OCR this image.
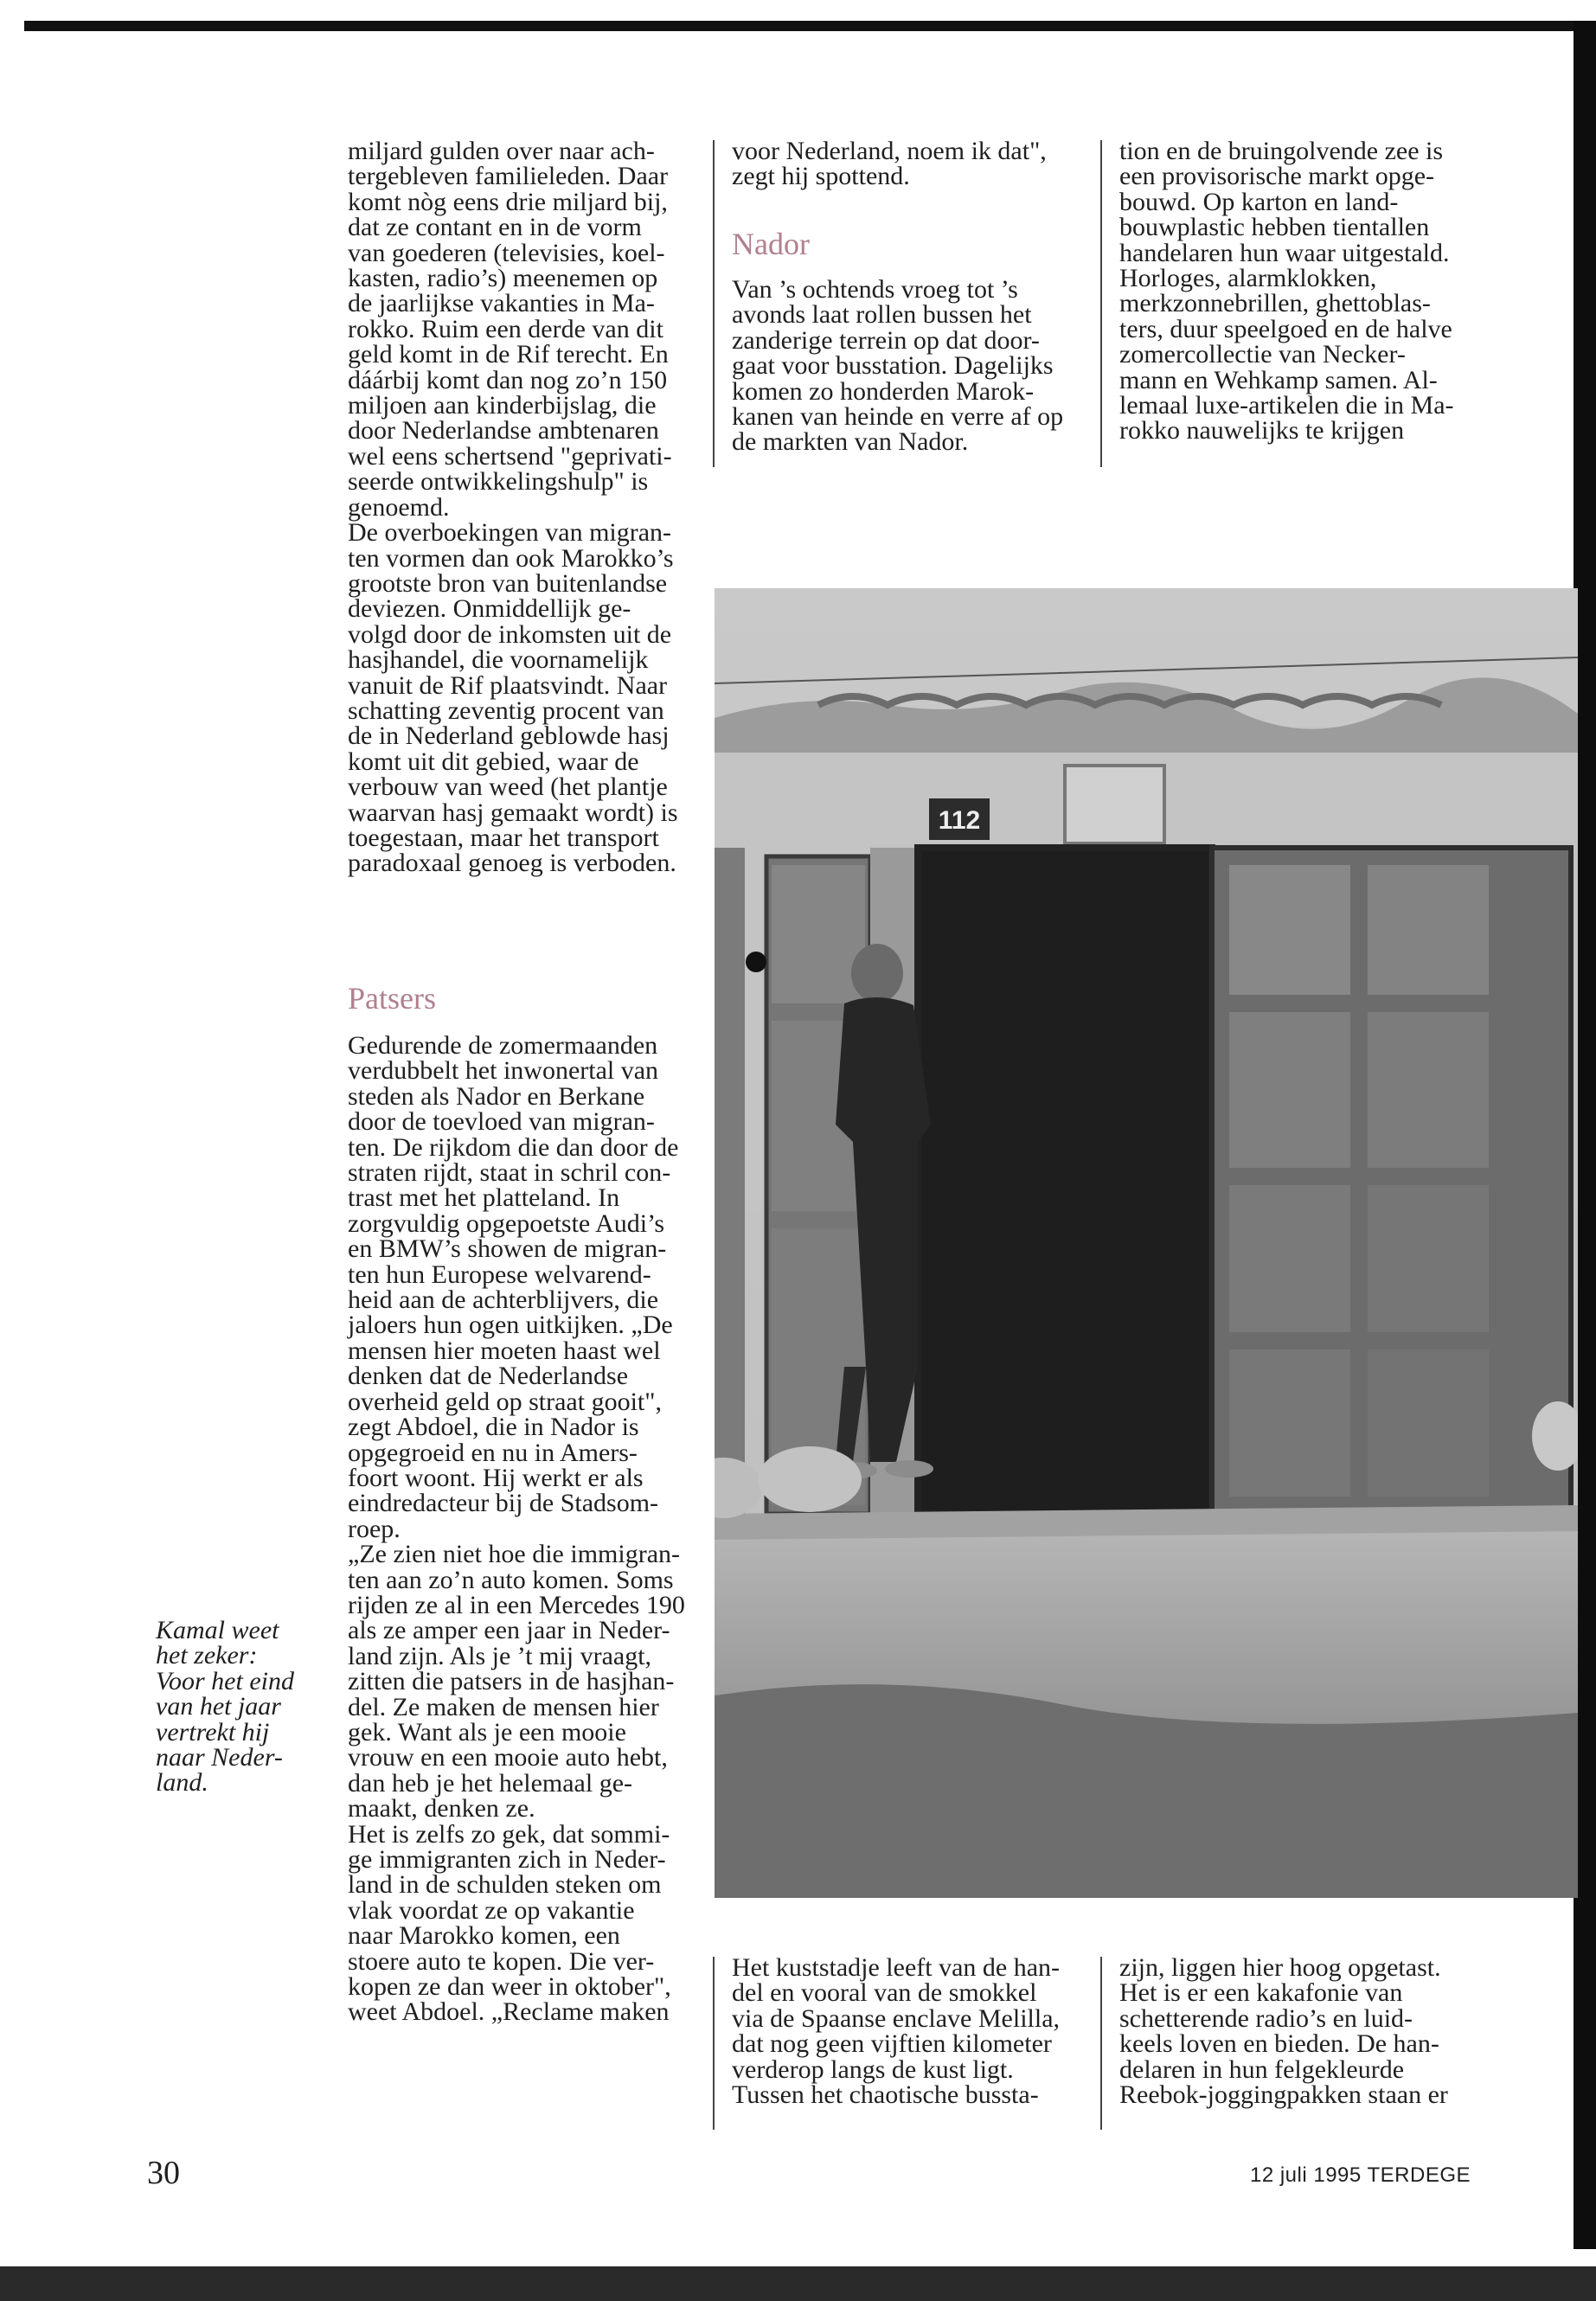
miljard gulden over naar ach-
tergebleven familieleden. Daar
komt nòg eens drie miljard bij,
dat ze contant en in de vorm
van goederen (televisies, koel-
kasten, radio’s) meenemen op
de jaarlijkse vakanties in Ma-
rokko. Ruim een derde van dit
geld komt in de Rif terecht. En
dáárbij komt dan nog zo’n 150
miljoen aan kinderbijslag, die
door Nederlandse ambtenaren
wel eens schertsend "geprivati-
seerde ontwikkelingshulp" is
genoemd.
De overboekingen van migran-
ten vormen dan ook Marokko’s
grootste bron van buitenlandse
deviezen. Onmiddellijk ge-
volgd door de inkomsten uit de
hasjhandel, die voornamelijk
vanuit de Rif plaatsvindt. Naar
schatting zeventig procent van
de in Nederland geblowde hasj
komt uit dit gebied, waar de
verbouw van weed (het plantje
waarvan hasj gemaakt wordt) is
toegestaan, maar het transport
paradoxaal genoeg is verboden.
Patsers
Gedurende de zomermaanden
verdubbelt het inwonertal van
steden als Nador en Berkane
door de toevloed van migran-
ten. De rijkdom die dan door de
straten rijdt, staat in schril con-
trast met het platteland. In
zorgvuldig opgepoetste Audi’s
en BMW’s showen de migran-
ten hun Europese welvarend-
heid aan de achterblijvers, die
jaloers hun ogen uitkijken. „De
mensen hier moeten haast wel
denken dat de Nederlandse
overheid geld op straat gooit",
zegt Abdoel, die in Nador is
opgegroeid en nu in Amers-
foort woont. Hij werkt er als
eindredacteur bij de Stadsom-
roep.
„Ze zien niet hoe die immigran-
ten aan zo’n auto komen. Soms
rijden ze al in een Mercedes 190
als ze amper een jaar in Neder-
land zijn. Als je ’t mij vraagt,
zitten die patsers in de hasjhan-
del. Ze maken de mensen hier
gek. Want als je een mooie
vrouw en een mooie auto hebt,
dan heb je het helemaal ge-
maakt, denken ze.
Het is zelfs zo gek, dat sommi-
ge immigranten zich in Neder-
land in de schulden steken om
vlak voordat ze op vakantie
naar Marokko komen, een
stoere auto te kopen. Die ver-
kopen ze dan weer in oktober",
weet Abdoel. „Reclame maken
voor Nederland, noem ik dat",
zegt hij spottend.
Nador
Van ’s ochtends vroeg tot ’s
avonds laat rollen bussen het
zanderige terrein op dat door-
gaat voor busstation. Dagelijks
komen zo honderden Marok-
kanen van heinde en verre af op
de markten van Nador.
tion en de bruingolvende zee is
een provisorische markt opge-
bouwd. Op karton en land-
bouwplastic hebben tientallen
handelaren hun waar uitgestald.
Horloges, alarmklokken,
merkzonnebrillen, ghettoblas-
ters, duur speelgoed en de halve
zomercollectie van Necker-
mann en Wehkamp samen. Al-
lemaal luxe-artikelen die in Ma-
rokko nauwelijks te krijgen
112
Kamal weet
het zeker:
Voor het eind
van het jaar
vertrekt hij
naar Neder-
land.
Het kuststadje leeft van de han-
del en vooral van de smokkel
via de Spaanse enclave Melilla,
dat nog geen vijftien kilometer
verderop langs de kust ligt.
Tussen het chaotische bussta-
zijn, liggen hier hoog opgetast.
Het is er een kakafonie van
schetterende radio’s en luid-
keels loven en bieden. De han-
delaren in hun felgekleurde
Reebok-joggingpakken staan er
30	12 juli 1995 TERDEGE
